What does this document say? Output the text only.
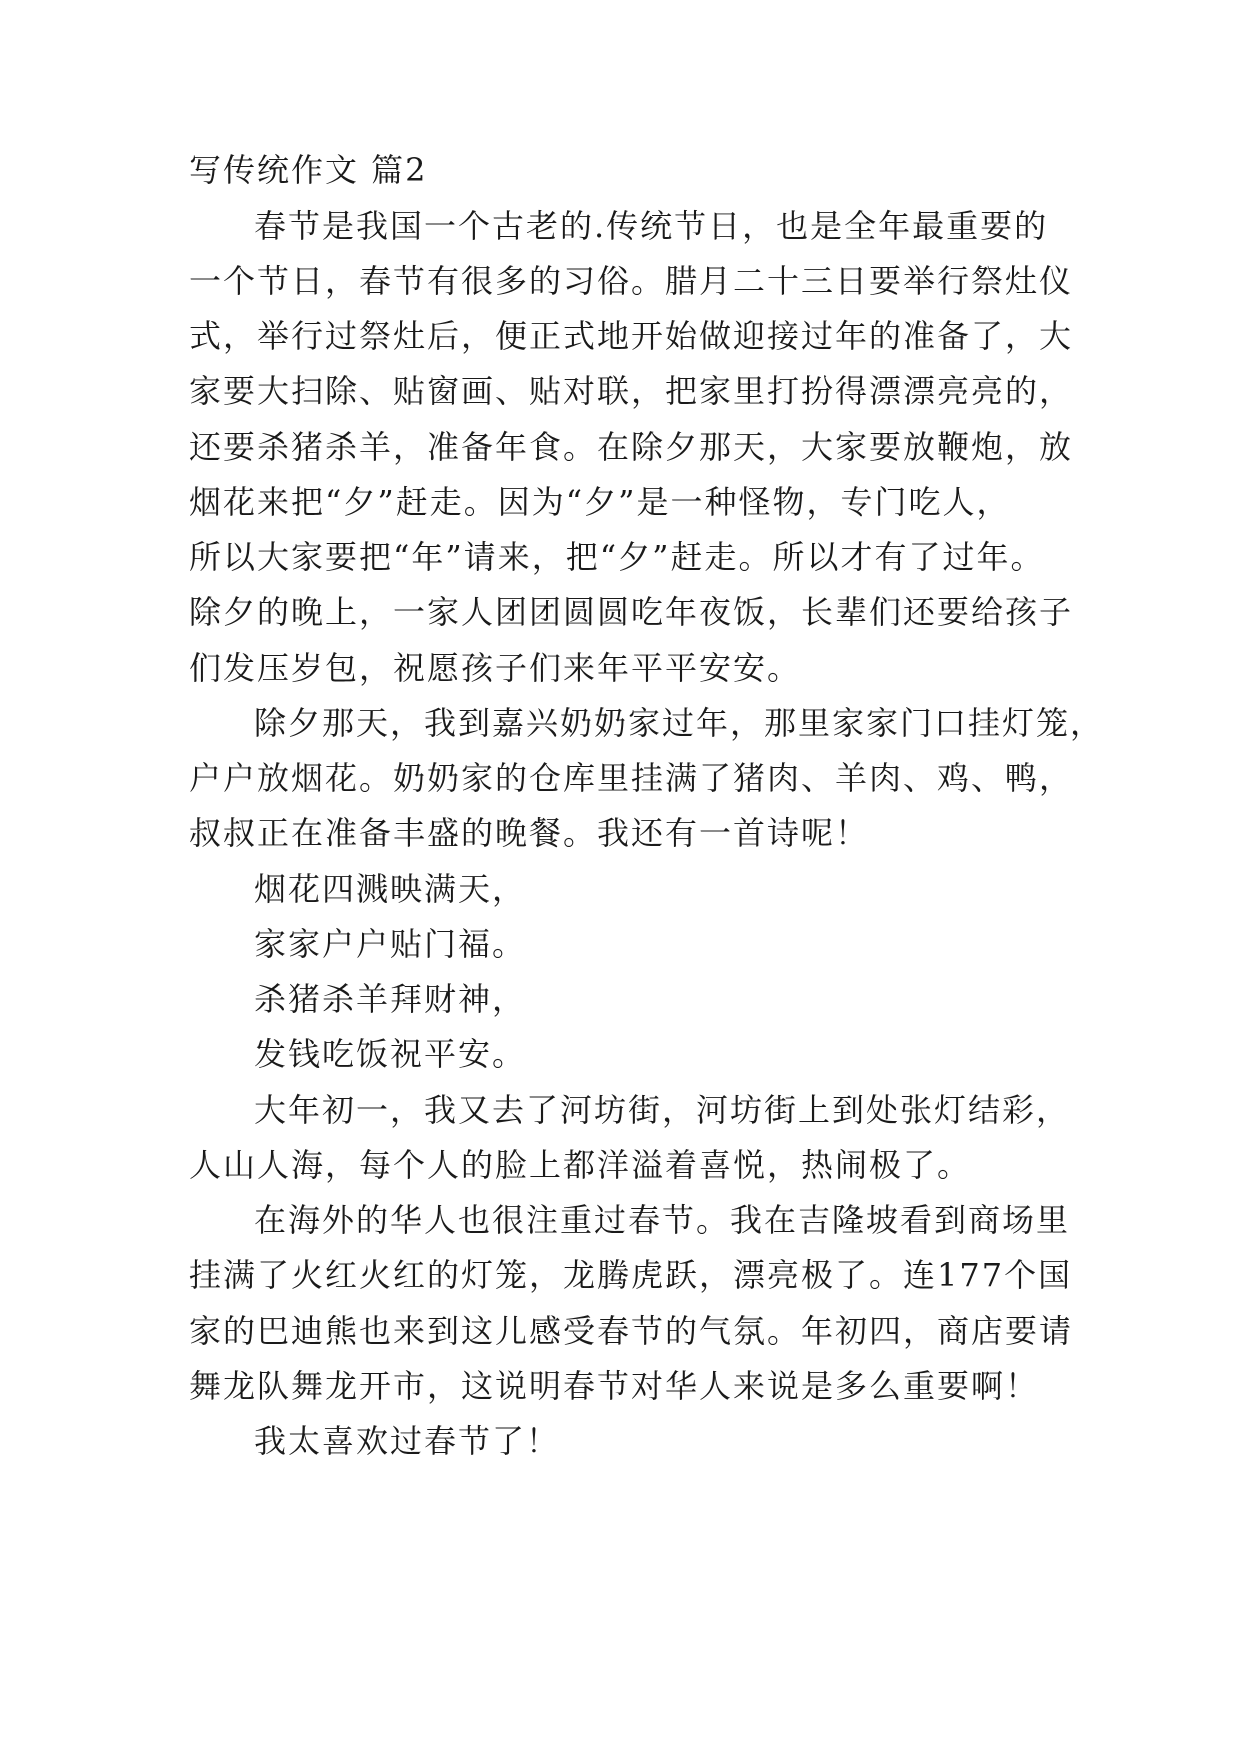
写传统作文 篇2

春节是我国一个古老的.传统节日，也是全年最重要的

一个节日，春节有很多的习俗。腊月二十三日要举行祭灶仪

式，举行过祭灶后，便正式地开始做迎接过年的准备了，大

家要大扫除、贴窗画、贴对联，把家里打扮得漂漂亮亮的，

还要杀猪杀羊，准备年食。在除夕那天，大家要放鞭炮，放

烟花来把“夕”赶走。因为“夕”是一种怪物，专门吃人，

所以大家要把“年”请来，把“夕”赶走。所以才有了过年。

除夕的晚上，一家人团团圆圆吃年夜饭，长辈们还要给孩子

们发压岁包，祝愿孩子们来年平平安安。

除夕那天，我到嘉兴奶奶家过年，那里家家门口挂灯笼，

户户放烟花。奶奶家的仓库里挂满了猪肉、羊肉、鸡、鸭，

叔叔正在准备丰盛的晚餐。我还有一首诗呢！

烟花四溅映满天，

家家户户贴门福。

杀猪杀羊拜财神，

发钱吃饭祝平安。

大年初一，我又去了河坊街，河坊街上到处张灯结彩，

人山人海，每个人的脸上都洋溢着喜悦，热闹极了。

在海外的华人也很注重过春节。我在吉隆坡看到商场里

挂满了火红火红的灯笼，龙腾虎跃，漂亮极了。连177个国

家的巴迪熊也来到这儿感受春节的气氛。年初四，商店要请

舞龙队舞龙开市，这说明春节对华人来说是多么重要啊！

我太喜欢过春节了！
